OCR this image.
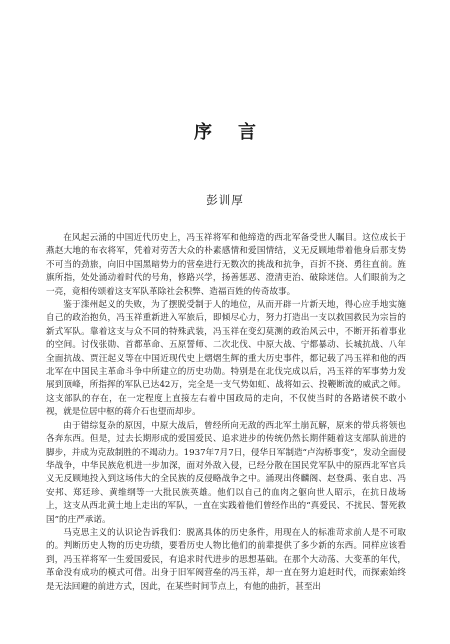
序 言
彭训厚

在风起云涌的中国近代历史上，冯玉祥将军和他缔造的西北军备受世人瞩目。这位成长于燕赵大地的布衣将军，凭着对劳苦大众的朴素感情和爱国情结，义无反顾地带着他身后那支势不可当的劲旅，向旧中国黑暗势力的营垒进行无数次的挑战和抗争，百折不挠、勇往直前。旌旗所指，处处涌动着时代的号角，修路兴学，扬善惩恶、澄清吏治、破除迷信。人们眼前为之一亮，竟相传颂着这支军队革除社会积弊、造福百姓的传奇故事。

鉴于滦州起义的失败，为了摆脱受制于人的地位，从而开辟一片新天地，得心应手地实施自己的政治抱负，冯玉祥重新进入军旅后，即倾尽心力，努力打造出一支以救国救民为宗旨的新式军队。靠着这支与众不同的特殊武装，冯玉祥在变幻莫测的政治风云中，不断开拓着事业的空间。讨伐张勋、首都革命、五原誓师、二次北伐、中原大战、宁都暴动、长城抗战、八年全面抗战、贾汪起义等在中国近现代史上熠熠生辉的重大历史事件，都记载了冯玉祥和他的西北军在中国民主革命斗争中所建立的历史功勋。特别是在北伐完成以后，冯玉祥的军事势力发展到顶峰，所指挥的军队已达42万，完全是一支气势如虹、战将如云、投鞭断流的威武之师。这支部队的存在，在一定程度上直接左右着中国政局的走向，不仅使当时的各路诸侯不敢小视，就是位居中枢的蒋介石也望而却步。

由于错综复杂的原因，中原大战后，曾经所向无敌的西北军土崩瓦解，原来的带兵将领也各奔东西。但是，过去长期形成的爱国爱民、追求进步的传统仍然长期伴随着这支部队前进的脚步，并成为克敌制胜的不竭动力。1937年7月7日，侵华日军制造“卢沟桥事变”，发动全面侵华战争，中华民族危机进一步加深，面对外敌入侵，已经分散在国民党军队中的原西北军官兵义无反顾地投入到这场伟大的全民族的反侵略战争之中。涌现出佟麟阁、赵登禹、张自忠、冯安邦、郑廷珍、黄维纲等一大批民族英雄。他们以自己的血肉之躯向世人昭示，在抗日战场上，这支从西北黄土地上走出的军队，一直在实践着他们曾经作出的“真爱民、不扰民、誓死救国”的庄严承诺。

马克思主义的认识论告诉我们：脱离具体的历史条件，用现在人的标准苛求前人是不可取的。判断历史人物的历史功绩，要看历史人物比他们的前辈提供了多少新的东西。同样应该看到，冯玉祥将军一生爱国爱民，有追求时代进步的思想基础。在那个大动荡、大变革的年代，革命没有成功的模式可借。出身于旧军阀营垒的冯玉祥，却一直在努力追赶时代，而探索始终是无法回避的前进方式，因此，在某些时间节点上，有他的曲折，甚至出
